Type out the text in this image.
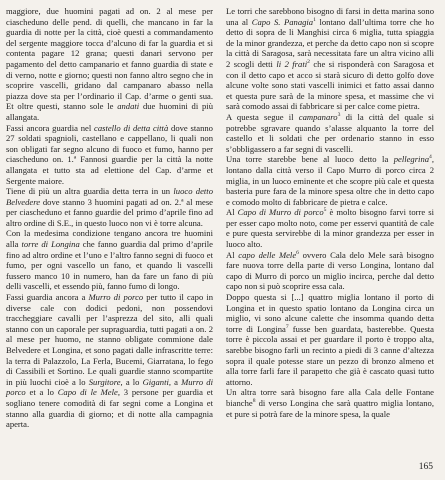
maggiore, due huomini pagati ad on. 2 al mese per ciascheduno delle pend. di quelli, che mancano in far la guardia di notte per la città, cioè questi a commandamento del sergente maggiore tocca d’alcuno di far la guardia et si contenta pagare 12 grana; questi danari servono per pagamento del detto campanario et fanno guardia di state e di verno, notte e giorno; questi non fanno altro segno che in scoprire vascelli, gridano dal campanaro abasso nella piazza dove sta per l’ordinario il Cap. d’arme o genti sua. Et oltre questi, stanno sole le andati due huomini di più allangata.

Fassi ancora guardia nel castello di detta città dove stanno 27 soldati spagnioli, castellano e cappellano, li quali non son obligati far segno alcuno di fuoco et fumo, hanno per ciascheduno on. 1.ª Fannosi guardie per la città la notte allangata et tutto sta ad elettione del Cap. d’arme et Sergente maiore.

Tiene di più un altra guardia detta terra in un luoco detto Belvedere dove stanno 3 huomini pagati ad on. 2.ª al mese per ciascheduno et fanno guardie del primo d’aprile fino ad altro ordine di S.E., in questo luoco non vi è torre alcuna.

Con la medesima condizione tengano ancora tre huomini alla torre di Longina che fanno guardia dal primo d’aprile fino ad altro ordine et l’uno e l’altro fanno segni di fuoco et fumo, per ogni vascello un fano, et quando li vascelli fussero manco 10 in numero, han da fare un fano di più delli vascelli, et essendo più, fanno fumo di longo.

Fassi guardia ancora a Murro di porco per tutto il capo in diverse cale con dodici pedoni, non possendovi traccheggiare cavalli per l’asprezza del sito, alli quali stanno con un caporale per supraguardia, tutti pagati a on. 2 al mese per huomo, ne stanno obligate commione dale Belvedere et Longina, et sono pagati dalle infrascritte terre: la terra di Palazzolo, La Ferla, Bucemi, Giarratana, lo fego di Cassibili et Sortino. Le quali guardie stanno scompartite in più luochi cioè a lo Surgitore, a lo Giganti, a Murro di porco et a lo Capo di le Mele, 3 persone per guardia et sogliano tenere comodità di far segni come a Longina et stanno alla guardia di giorno; et di notte alla campagnia aperta.

Le torri che sarebbono bisogno di farsi in detta marina sono una al Capo S. Panagia$^1$ lontano dall’ultima torre che ho detto di sopra de li Manghisi circa 6 miglia, tutta spiaggia de la minor grandezza, et perche da detto capo non si scopre la città di Saragosa, sarà necessitata fare un altra vicino alli 2 scogli detti li 2 frati$^2$ che si risponderà con Saragosa et con il detto capo et acco si starà sicuro di detto golfo dove alcune volte sono stati vascelli inimici et fatto assai danno et questa pure sarà de la minore spesa, et massime che vi sarà comodo assai di fabbricare si per calce come pietra.

A questa segue il campanaro$^3$ di la città del quale si potrebbe sgravare quando s’alasse alquanto la torre del castello et li soldati che per ordenario stanno in esso s’obbligassero a far segni di vascelli.

Una torre starebbe bene al luoco detto la pellegrina$^4$, lontano dalla città verso il Capo Murro di porco circa 2 miglia, in un luoco eminente et che scopre più cale et questa basteria pure fara de la minore spesa oltre che in detto capo e comodo molto di fabbricare de pietra e calce.

Al Capo di Murro di porco$^5$ è molto bisogno farvi torre si per esser capo molto noto, come per esservi quantità de cale e pure questa servirebbe di la minor grandezza per esser in luoco alto.

Al capo delle Mele$^6$ ovvero Cala delo Mele sarà bisogno fare nuova torre della parte di verso Longina, lontano dal capo di Murro di porco un miglio incirca, perche dal detto capo non si può scoprire essa cala.

Doppo questa si [...] quattro miglia lontano il porto di Longina et in questo spatio lontano da Longina circa un miglio, vi sono alcune calette che insomma quando detta torre di Longina$^7$ fusse ben guardata, basterebbe. Questa torre è piccola assai et per guardare il porto è troppo alta, sarebbe bisogno farli un recinto a piedi di 3 canne d’altezza sopra il quale potesse stare un pezzo di bronzo almeno et alla torre farli fare il parapetto che già è cascato quasi tutto attorno.

Un altra torre sarà bisogno fare alla Cala delle Fontane bianche$^8$ di verso Longina che sarà quattro miglia lontano, et pure si potrà fare de la minore spesa, la quale

165
